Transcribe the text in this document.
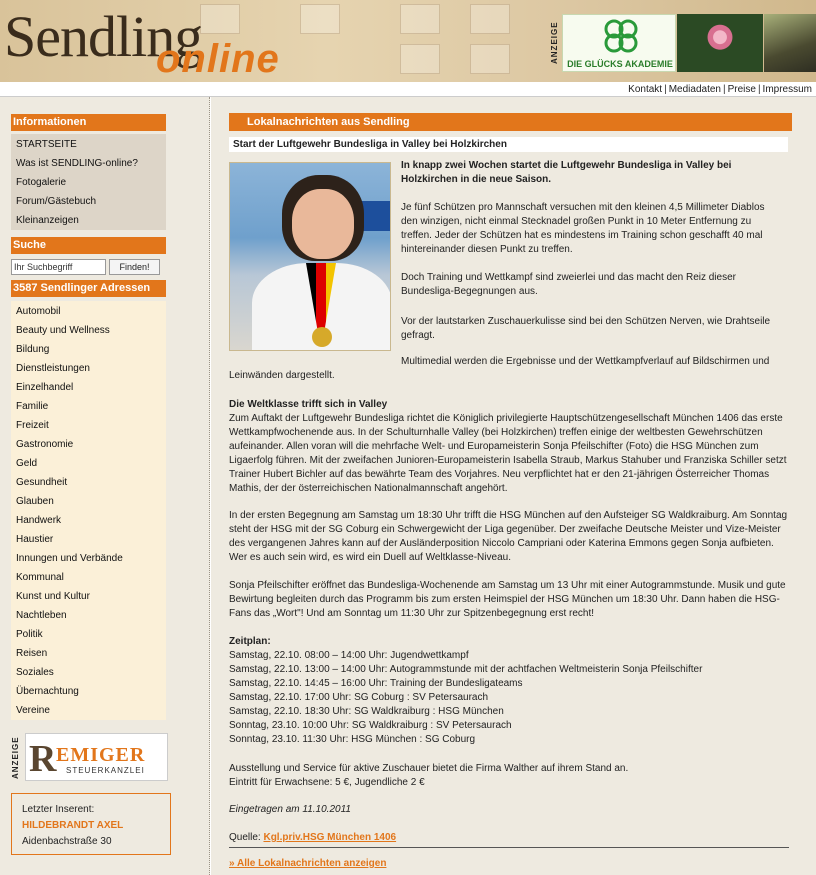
Sendling
online	ANZEIGE DIE GLÜCKS AKADEMIE
Kontakt | Mediadaten | Preise | Impressum
Informationen
STARTSEITE
Was ist SENDLING-online?
Fotogalerie
Forum/Gästebuch
Kleinanzeigen
Suche
Ihr Suchbegriff
Finden!
3587 Sendlinger Adressen
Automobil
Beauty und Wellness
Bildung
Dienstleistungen
Einzelhandel
Familie
Freizeit
Gastronomie
Geld
Gesundheit
Glauben
Handwerk
Haustier
Innungen und Verbände
Kommunal
Kunst und Kultur
Nachtleben
Politik
Reisen
Soziales
Übernachtung
Vereine
ANZEIGE R EMIGER
STEUERKANZLEI
Letzter Inserent:
HILDEBRANDT AXEL
Aidenbachstraße 30
Lokalnachrichten aus Sendling
Start der Luftgewehr Bundesliga in Valley bei Holzkirchen
In knapp zwei Wochen startet die Luftgewehr Bundesliga in Valley bei Holzkirchen in die neue Saison.
Je fünf Schützen pro Mannschaft versuchen mit den kleinen 4,5 Millimeter Diablos den winzigen, nicht einmal Stecknadel großen Punkt in 10 Meter Entfernung zu treffen. Jeder der Schützen hat es mindestens im Training schon geschafft 40 mal hintereinander diesen Punkt zu treffen.
Doch Training und Wettkampf sind zweierlei und das macht den Reiz dieser Bundesliga-Begegnungen aus.
Vor der lautstarken Zuschauerkulisse sind bei den Schützen Nerven, wie Drahtseile gefragt.
Multimedial werden die Ergebnisse und der Wettkampfverlauf auf Bildschirmen und Leinwänden dargestellt.
Die Weltklasse trifft sich in Valley
Zum Auftakt der Luftgewehr Bundesliga richtet die Königlich privilegierte Hauptschützengesellschaft München 1406 das erste Wettkampfwochenende aus. In der Schulturnhalle Valley (bei Holzkirchen) treffen einige der weltbesten Gewehrschützen aufeinander. Allen voran will die mehrfache Welt- und Europameisterin Sonja Pfeilschifter (Foto) die HSG München zum Ligaerfolg führen. Mit der zweifachen Junioren-Europameisterin Isabella Straub, Markus Stahuber und Franziska Schiller setzt Trainer Hubert Bichler auf das bewährte Team des Vorjahres. Neu verpflichtet hat er den 21-jährigen Österreicher Thomas Mathis, der der österreichischen Nationalmannschaft angehört.
In der ersten Begegnung am Samstag um 18:30 Uhr trifft die HSG München auf den Aufsteiger SG Waldkraiburg. Am Sonntag steht der HSG mit der SG Coburg ein Schwergewicht der Liga gegenüber. Der zweifache Deutsche Meister und Vize-Meister des vergangenen Jahres kann auf der Ausländerposition Niccolo Campriani oder Katerina Emmons gegen Sonja aufbieten. Wer es auch sein wird, es wird ein Duell auf Weltklasse-Niveau.
Sonja Pfeilschifter eröffnet das Bundesliga-Wochenende am Samstag um 13 Uhr mit einer Autogrammstunde. Musik und gute Bewirtung begleiten durch das Programm bis zum ersten Heimspiel der HSG München um 18:30 Uhr. Dann haben die HSG-Fans das „Wort"! Und am Sonntag um 11:30 Uhr zur Spitzenbegegnung erst recht!
Zeitplan:
Samstag, 22.10. 08:00 – 14:00 Uhr: Jugendwettkampf
Samstag, 22.10. 13:00 – 14:00 Uhr: Autogrammstunde mit der achtfachen Weltmeisterin Sonja Pfeilschifter
Samstag, 22.10. 14:45 – 16:00 Uhr: Training der Bundesligateams
Samstag, 22.10. 17:00 Uhr: SG Coburg : SV Petersaurach
Samstag, 22.10. 18:30 Uhr: SG Waldkraiburg : HSG München
Sonntag, 23.10. 10:00 Uhr: SG Waldkraiburg : SV Petersaurach
Sonntag, 23.10. 11:30 Uhr: HSG München : SG Coburg
Ausstellung und Service für aktive Zuschauer bietet die Firma Walther auf ihrem Stand an.
Eintritt für Erwachsene: 5 €, Jugendliche 2 €
Eingetragen am 11.10.2011
Quelle: Kgl.priv.HSG München 1406
» Alle Lokalnachrichten anzeigen
